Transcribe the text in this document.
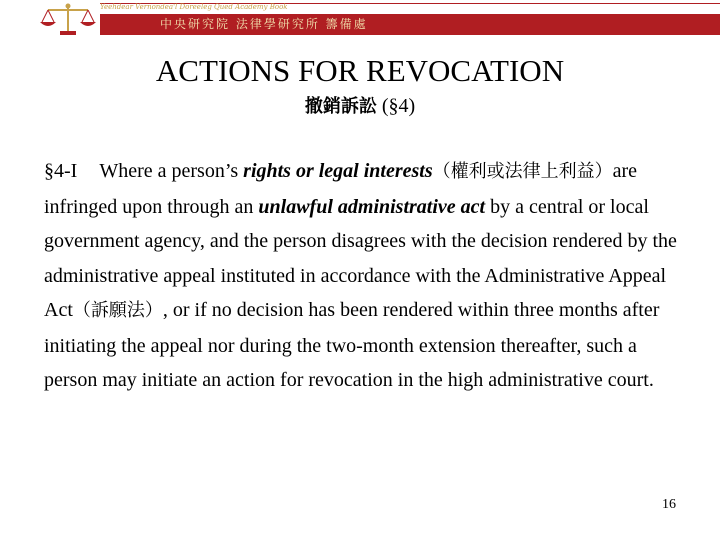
Yeehdear Vernondea'l Doreeleg Qued Academy Book
中央研究院 法律學研究所 籌備處
ACTIONS FOR REVOCATION
撤銷訴訟 (§4)
§4-I Where a person’s rights or legal interests（權利或法律上利益）are infringed upon through an unlawful administrative act by a central or local government agency, and the person disagrees with the decision rendered by the administrative appeal instituted in accordance with the Administrative Appeal Act（訴願法）, or if no decision has been rendered within three months after initiating the appeal nor during the two-month extension thereafter, such a person may initiate an action for revocation in the high administrative court.
16
